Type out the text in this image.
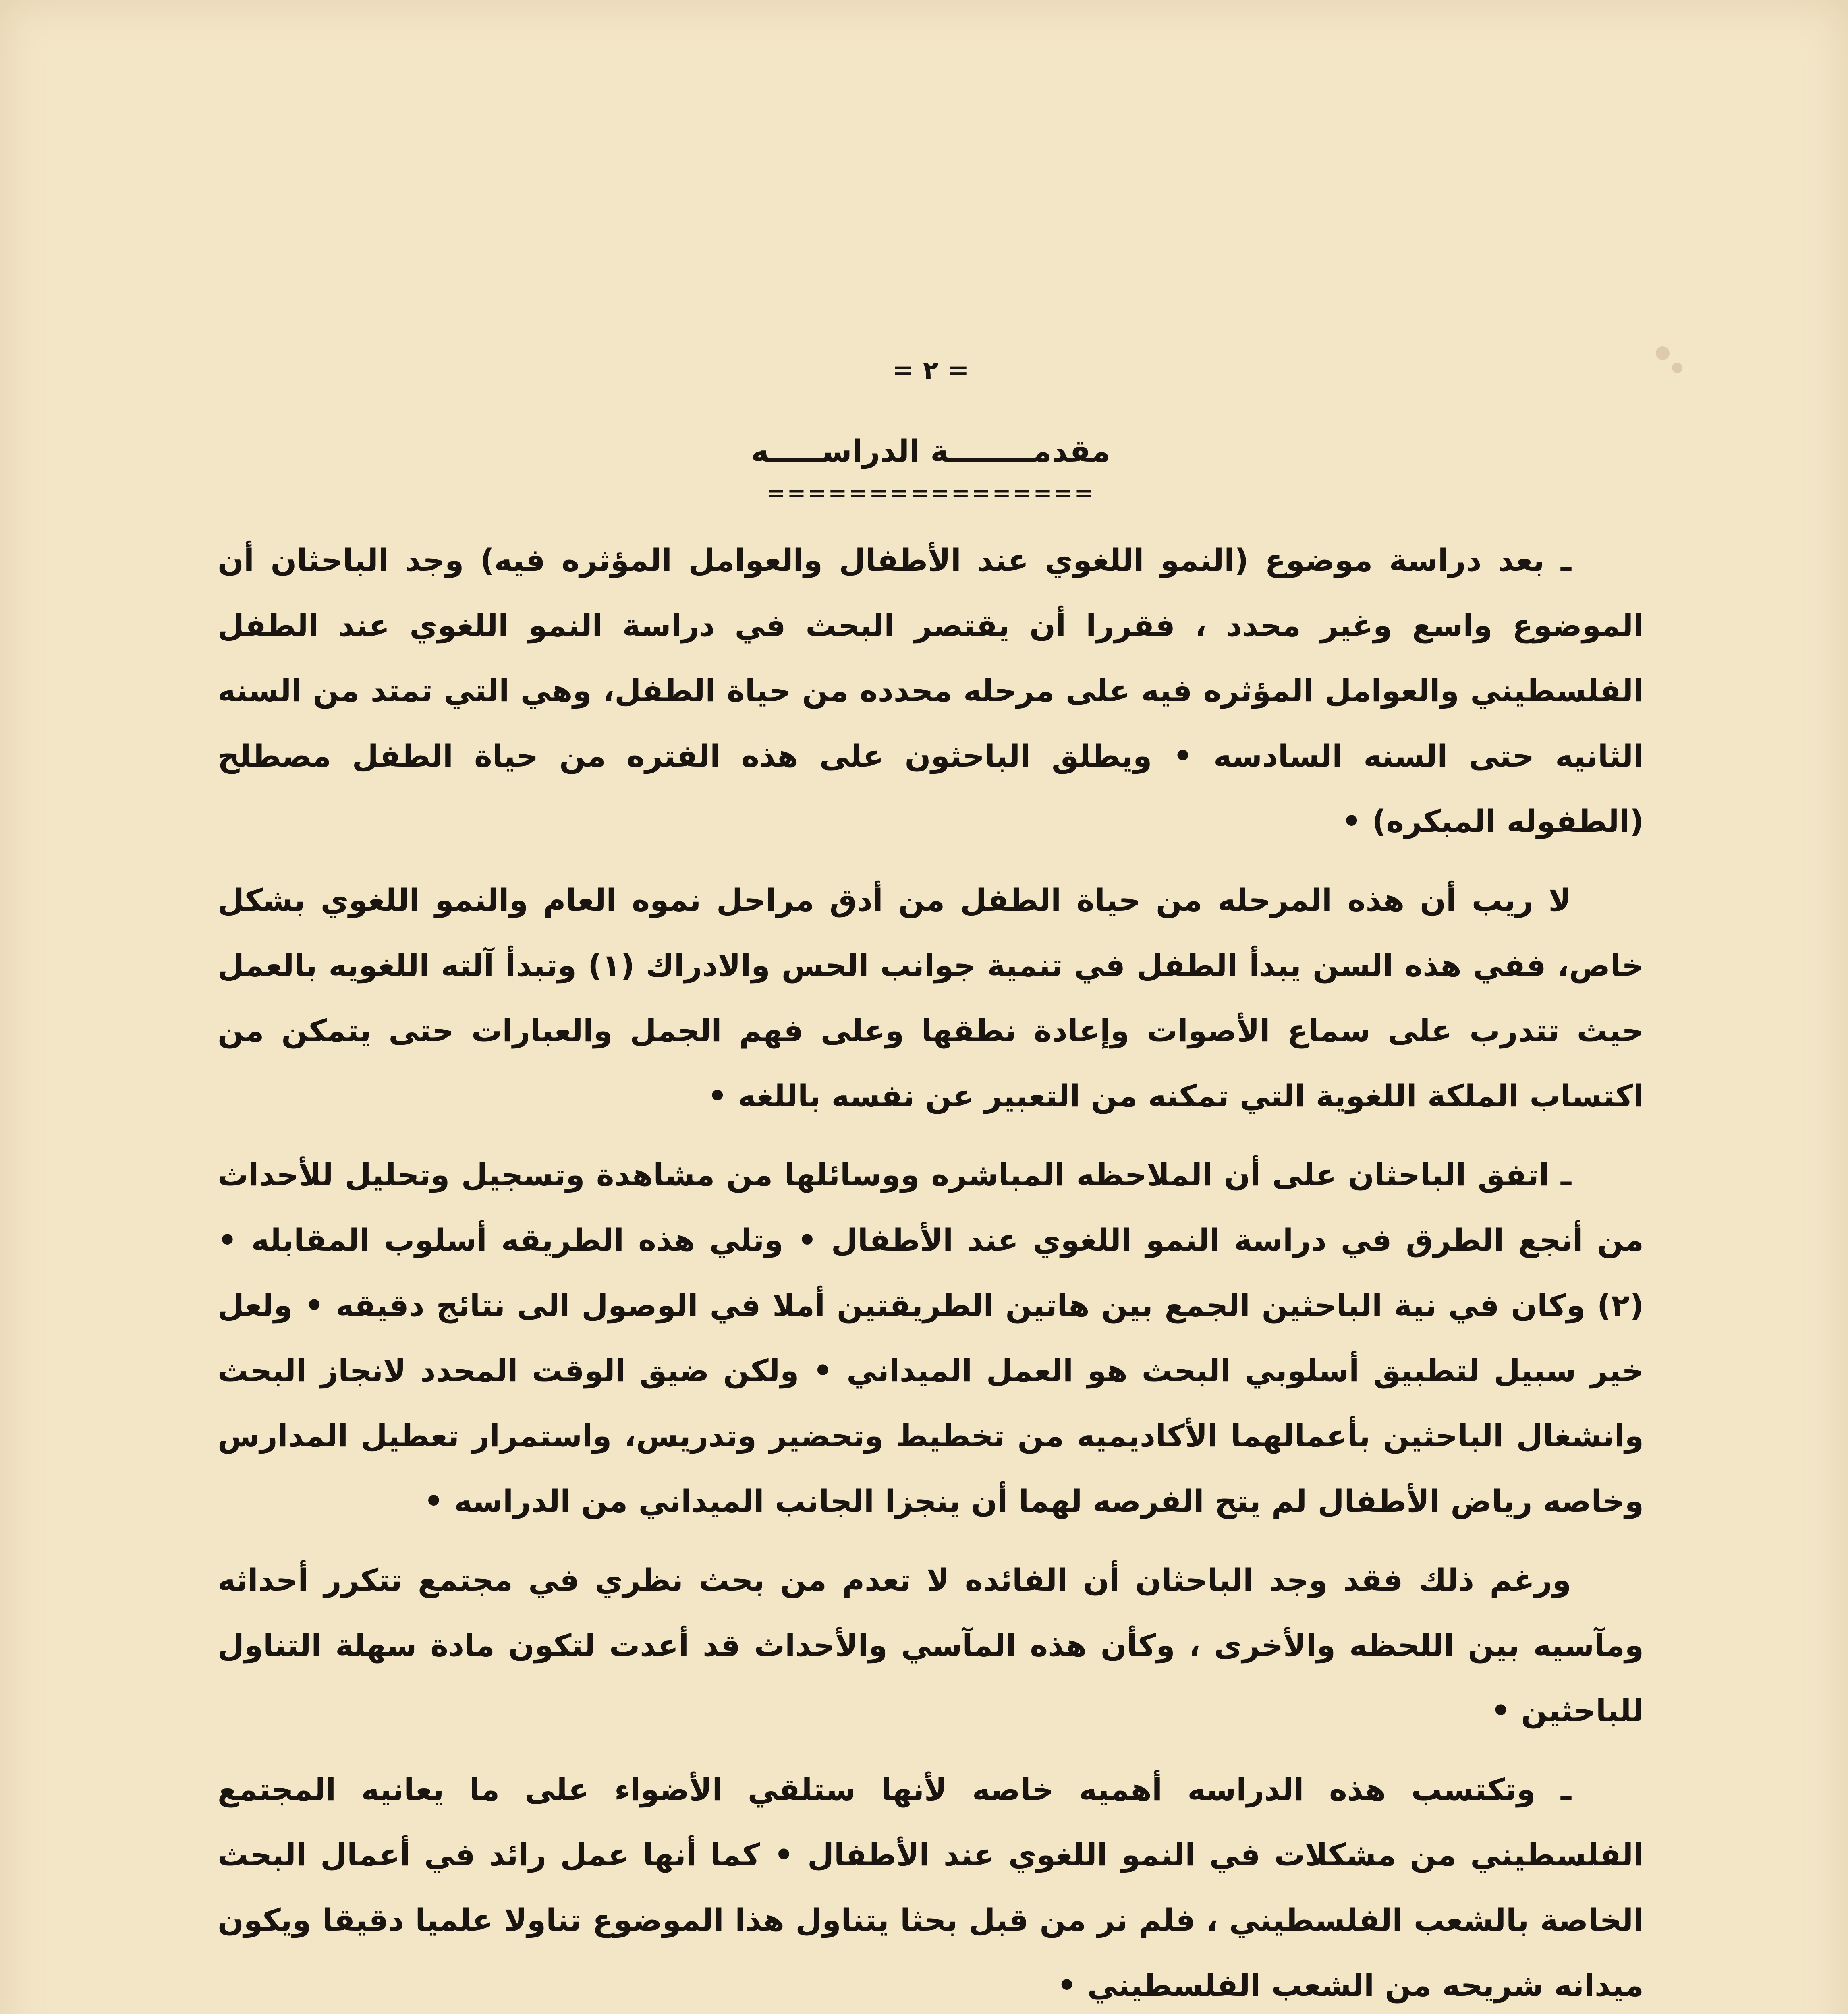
= ٢ =
مقدمــــــــة الدراســـــه
================

ـ بعد دراسة موضوع (النمو اللغوي عند الأطفال والعوامل المؤثره فيه) وجد الباحثان أن الموضوع واسع وغير محدد ، فقررا أن يقتصر البحث في دراسة النمو اللغوي عند الطفل الفلسطيني والعوامل المؤثره فيه على مرحله محدده من حياة الطفل، وهي التي تمتد من السنه الثانيه حتى السنه السادسه • ويطلق الباحثون على هذه الفتره من حياة الطفل مصطلح (الطفوله المبكره) •

لا ريب أن هذه المرحله من حياة الطفل من أدق مراحل نموه العام والنمو اللغوي بشكل خاص، ففي هذه السن يبدأ الطفل في تنمية جوانب الحس والادراك (١) وتبدأ آلته اللغويه بالعمل حيث تتدرب على سماع الأصوات وإعادة نطقها وعلى فهم الجمل والعبارات حتى يتمكن من اكتساب الملكة اللغوية التي تمكنه من التعبير عن نفسه باللغه •

ـ اتفق الباحثان على أن الملاحظه المباشره ووسائلها من مشاهدة وتسجيل وتحليل للأحداث من أنجع الطرق في دراسة النمو اللغوي عند الأطفال • وتلي هذه الطريقه أسلوب المقابله • (٢) وكان في نية الباحثين الجمع بين هاتين الطريقتين أملا في الوصول الى نتائج دقيقه • ولعل خير سبيل لتطبيق أسلوبي البحث هو العمل الميداني • ولكن ضيق الوقت المحدد لانجاز البحث وانشغال الباحثين بأعمالهما الأكاديميه من تخطيط وتحضير وتدريس، واستمرار تعطيل المدارس وخاصه رياض الأطفال لم يتح الفرصه لهما أن ينجزا الجانب الميداني من الدراسه •

ورغم ذلك فقد وجد الباحثان أن الفائده لا تعدم من بحث نظري في مجتمع تتكرر أحداثه ومآسيه بين اللحظه والأخرى ، وكأن هذه المآسي والأحداث قد أعدت لتكون مادة سهلة التناول للباحثين •

ـ وتكتسب هذه الدراسه أهميه خاصه لأنها ستلقي الأضواء على ما يعانيه المجتمع الفلسطيني من مشكلات في النمو اللغوي عند الأطفال • كما أنها عمل رائد في أعمال البحث الخاصة بالشعب الفلسطيني ، فلم نر من قبل بحثا يتناول هذا الموضوع تناولا علميا دقيقا ويكون ميدانه شريحه من الشعب الفلسطيني •
